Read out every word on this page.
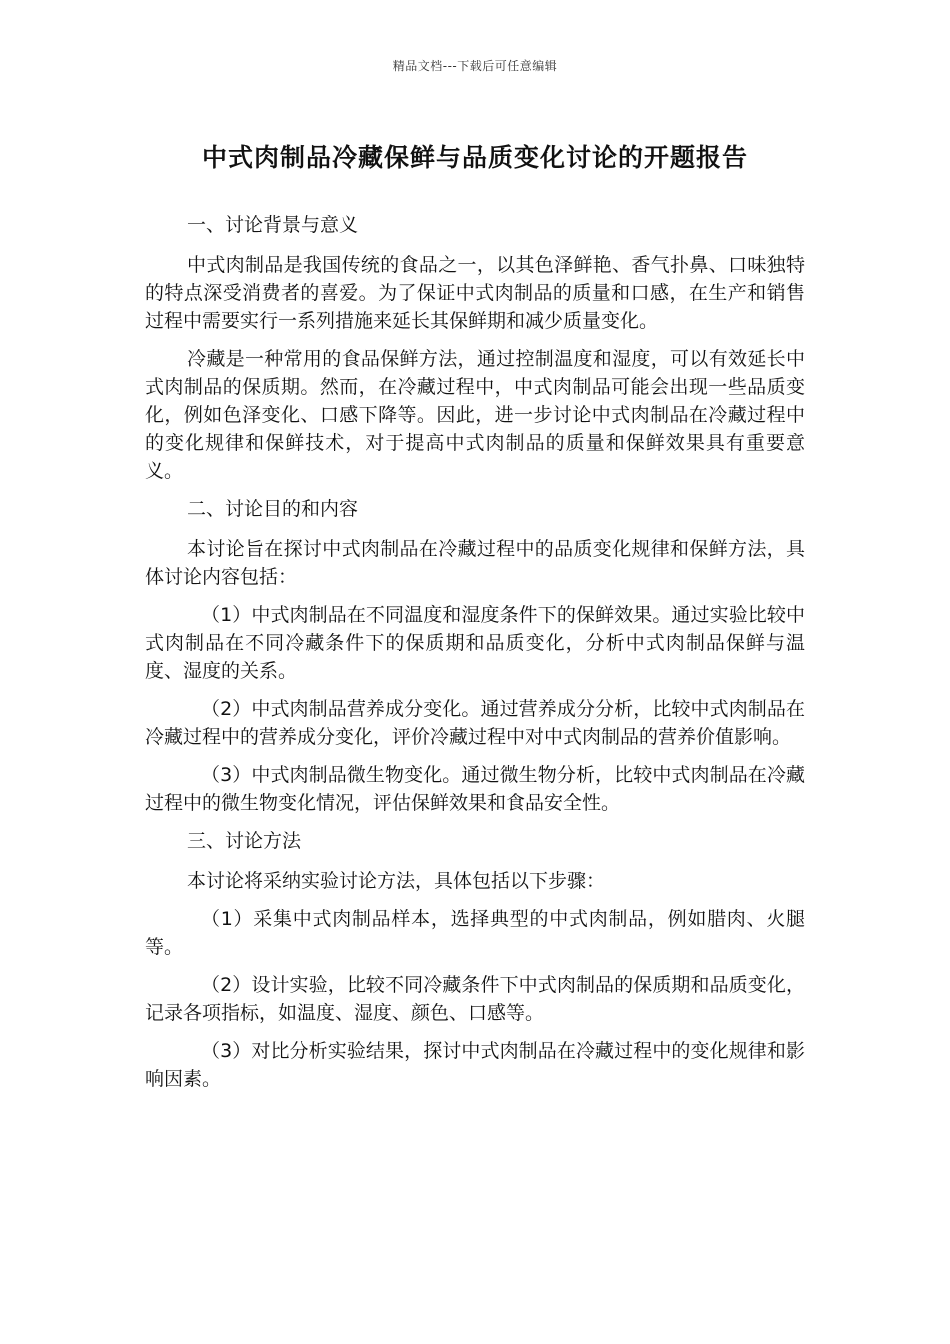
精品文档---下载后可任意编辑
中式肉制品冷藏保鲜与品质变化讨论的开题报告

一、讨论背景与意义

中式肉制品是我国传统的食品之一，以其色泽鲜艳、香气扑鼻、口味独特的特点深受消费者的喜爱。为了保证中式肉制品的质量和口感，在生产和销售过程中需要实行一系列措施来延长其保鲜期和减少质量变化。

冷藏是一种常用的食品保鲜方法，通过控制温度和湿度，可以有效延长中式肉制品的保质期。然而，在冷藏过程中，中式肉制品可能会出现一些品质变化，例如色泽变化、口感下降等。因此，进一步讨论中式肉制品在冷藏过程中的变化规律和保鲜技术，对于提高中式肉制品的质量和保鲜效果具有重要意义。

二、讨论目的和内容

本讨论旨在探讨中式肉制品在冷藏过程中的品质变化规律和保鲜方法，具体讨论内容包括：

（1）中式肉制品在不同温度和湿度条件下的保鲜效果。通过实验比较中式肉制品在不同冷藏条件下的保质期和品质变化，分析中式肉制品保鲜与温度、湿度的关系。

（2）中式肉制品营养成分变化。通过营养成分分析，比较中式肉制品在冷藏过程中的营养成分变化，评价冷藏过程中对中式肉制品的营养价值影响。

（3）中式肉制品微生物变化。通过微生物分析，比较中式肉制品在冷藏过程中的微生物变化情况，评估保鲜效果和食品安全性。

三、讨论方法

本讨论将采纳实验讨论方法，具体包括以下步骤：

（1）采集中式肉制品样本，选择典型的中式肉制品，例如腊肉、火腿等。

（2）设计实验，比较不同冷藏条件下中式肉制品的保质期和品质变化，记录各项指标，如温度、湿度、颜色、口感等。

（3）对比分析实验结果，探讨中式肉制品在冷藏过程中的变化规律和影响因素。
